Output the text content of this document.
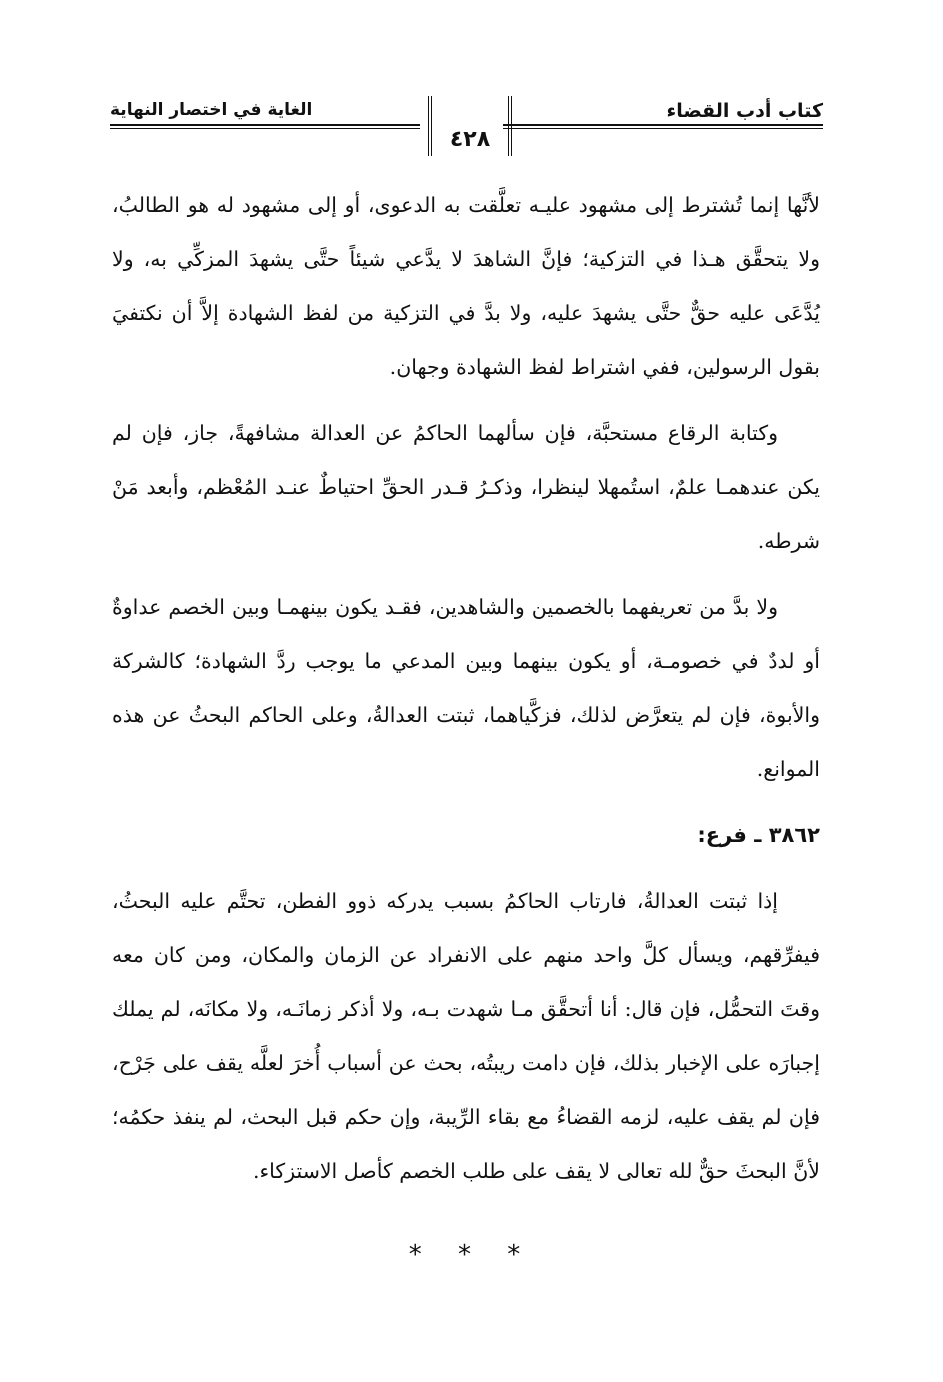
كتاب أدب القضاء
٤٢٨
الغاية في اختصار النهاية

لأنَّها إنما تُشترط إلى مشهود عليـه تعلَّقت به الدعوى، أو إلى مشهود له هو الطالبُ، ولا يتحقَّق هـذا في التزكية؛ فإنَّ الشاهدَ لا يدَّعي شيئاً حتَّى يشهدَ المزكِّي به، ولا يُدَّعَى عليه حقٌّ حتَّى يشهدَ عليه، ولا بدَّ في التزكية من لفظ الشهادة إلاَّ أن نكتفيَ بقول الرسولين، ففي اشتراط لفظ الشهادة وجهان.

وكتابة الرقاع مستحبَّة، فإن سألهما الحاكمُ عن العدالة مشافهةً، جاز، فإن لم يكن عندهمـا علمٌ، استُمهلا لينظرا، وذكـرُ قـدر الحقِّ احتياطٌ عنـد المُعْظم، وأبعد مَنْ شرطه.

ولا بدَّ من تعريفهما بالخصمين والشاهدين، فقـد يكون بينهمـا وبين الخصم عداوةٌ أو لددٌ في خصومـة، أو يكون بينهما وبين المدعي ما يوجب ردَّ الشهادة؛ كالشركة والأبوة، فإن لم يتعرَّض لذلك، فزكَّياهما، ثبتت العدالةُ، وعلى الحاكم البحثُ عن هذه الموانع.

٣٨٦٢ ـ فرع:

إذا ثبتت العدالةُ، فارتاب الحاكمُ بسبب يدركه ذوو الفطن، تحتَّم عليه البحثُ، فيفرِّقهم، ويسأل كلَّ واحد منهم على الانفراد عن الزمان والمكان، ومن كان معه وقتَ التحمُّل، فإن قال: أنا أتحقَّق مـا شهدت بـه، ولا أذكر زمانَـه، ولا مكانَه، لم يملك إجبارَه على الإخبار بذلك، فإن دامت ريبتُه، بحث عن أسباب أُخرَ لعلَّه يقف على جَرْح، فإن لم يقف عليه، لزمه القضاءُ مع بقاء الرِّيبة، وإن حكم قبل البحث، لم ينفذ حكمُه؛ لأنَّ البحثَ حقٌّ لله تعالى لا يقف على طلب الخصم كأصل الاستزكاء.

* * *
